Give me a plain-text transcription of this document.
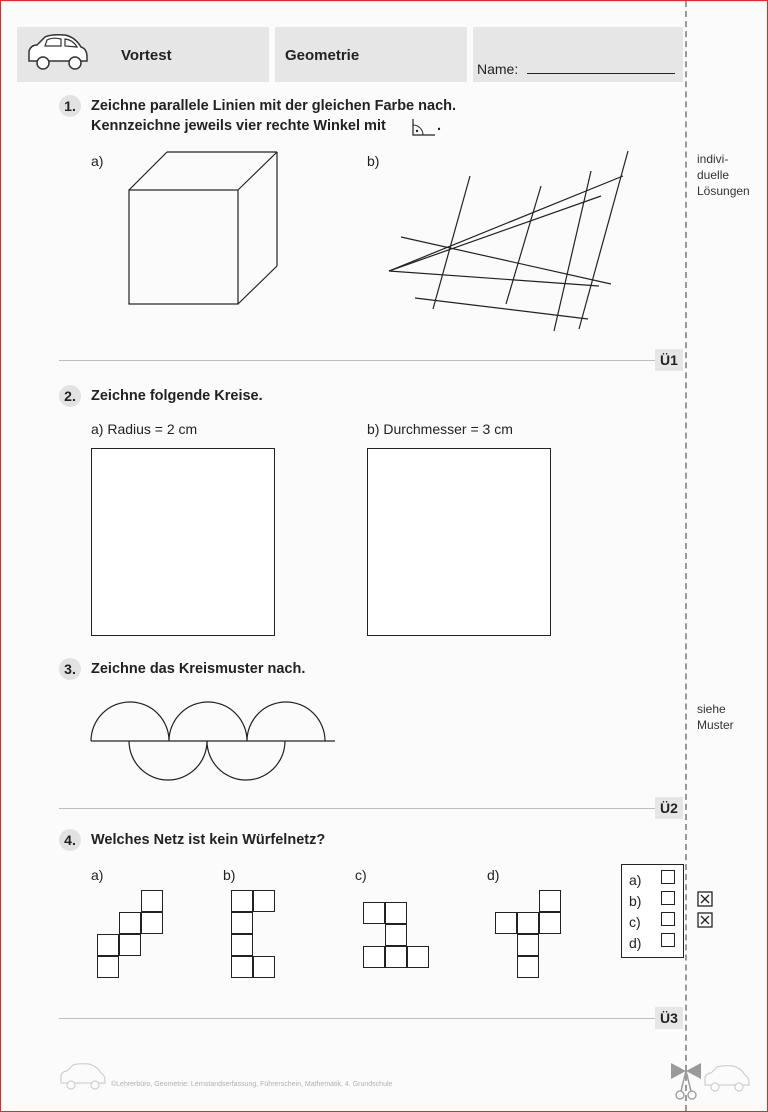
Vortest	Geometrie
Name:
1.	Zeichne parallele Linien mit der gleichen Farbe nach.
Kennzeichne jeweils vier rechte Winkel mit	.
a)	b)	indivi-
duelle
Lösungen
Ü1
2.	Zeichne folgende Kreise.
a) Radius = 2 cm	b) Durchmesser = 3 cm
3.	Zeichne das Kreismuster nach.
siehe
Muster
Ü2
4.	Welches Netz ist kein Würfelnetz?
a)	b)	c)	d)	a)
b)
c)
d)
Ü3
©Lehrerbüro, Geometrie: Lernstandserfassung, Führerschein, Mathematik, 4. Grundschule
